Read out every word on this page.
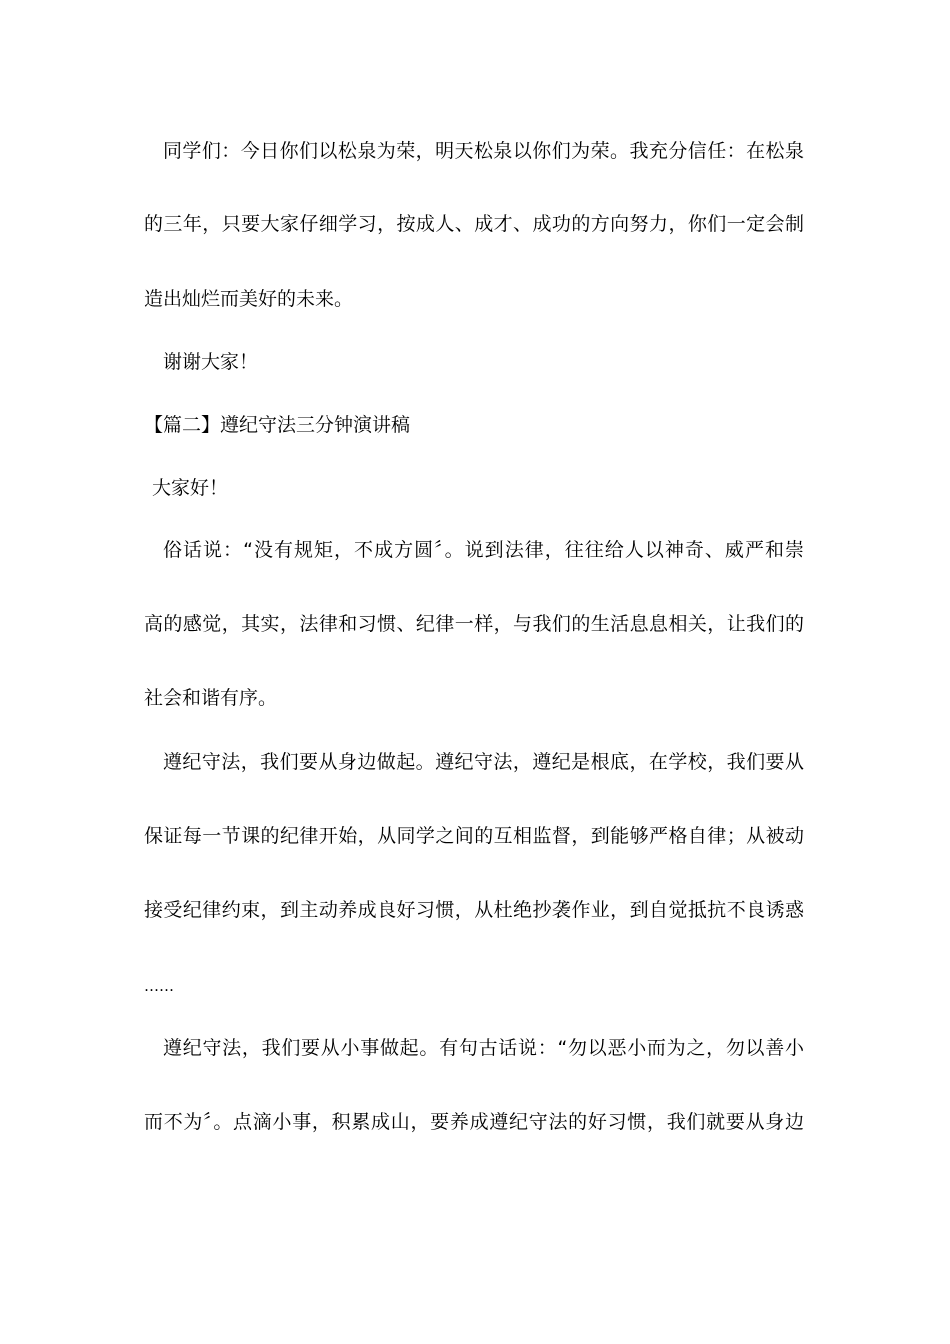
同学们：今日你们以松泉为荣，明天松泉以你们为荣。我充分信任：在松泉
的三年，只要大家仔细学习，按成人、成才、成功的方向努力，你们一定会制
造出灿烂而美好的未来。
谢谢大家！
【篇二】遵纪守法三分钟演讲稿
大家好！
俗话说：“没有规矩，不成方圆〞。说到法律，往往给人以神奇、威严和崇
高的感觉，其实，法律和习惯、纪律一样，与我们的生活息息相关，让我们的
社会和谐有序。
遵纪守法，我们要从身边做起。遵纪守法，遵纪是根底，在学校，我们要从
保证每一节课的纪律开始，从同学之间的互相监督，到能够严格自律；从被动
接受纪律约束，到主动养成良好习惯，从杜绝抄袭作业，到自觉抵抗不良诱惑
……
遵纪守法，我们要从小事做起。有句古话说：“勿以恶小而为之，勿以善小
而不为〞。点滴小事，积累成山，要养成遵纪守法的好习惯，我们就要从身边
